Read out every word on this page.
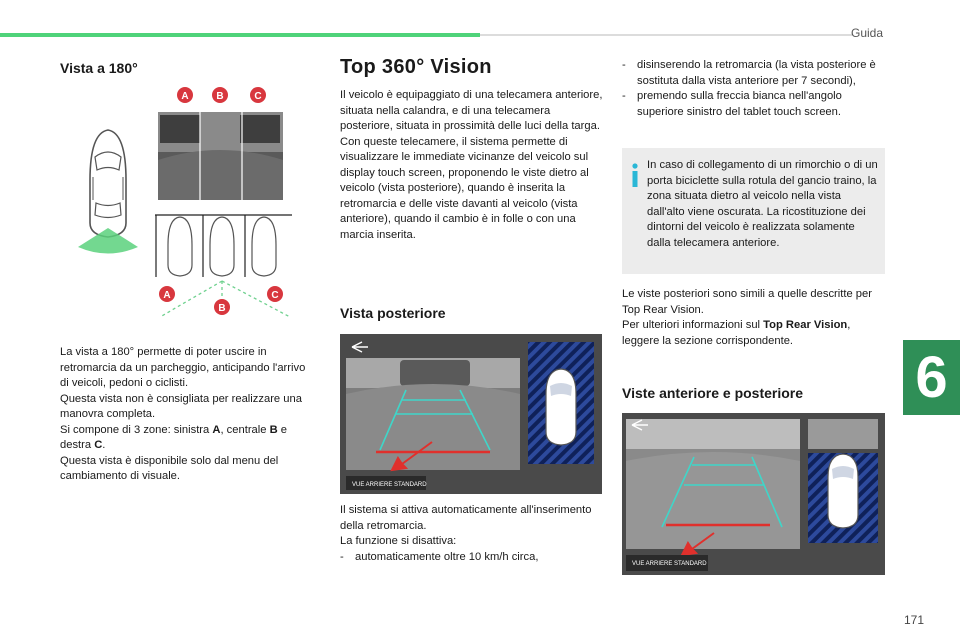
Guida
6
171
Vista a 180°
A	B	C
A
B
C

La vista a 180° permette di poter uscire in retromarcia da un parcheggio, anticipando l'arrivo di veicoli, pedoni o ciclisti.

Questa vista non è consigliata per realizzare una manovra completa.

Si compone di 3 zone: sinistra A, centrale B e destra C.

Questa vista è disponibile solo dal menu del cambiamento di visuale.

Top 360° Vision

Il veicolo è equipaggiato di una telecamera anteriore, situata nella calandra, e di una telecamera posteriore, situata in prossimità delle luci della targa.

Con queste telecamere, il sistema permette di visualizzare le immediate vicinanze del veicolo sul display touch screen, proponendo le viste dietro al veicolo (vista posteriore), quando è inserita la retromarcia e delle viste davanti al veicolo (vista anteriore), quando il cambio è in folle o con una marcia inserita.

Vista posteriore
VUE ARRIERE STANDARD

Il sistema si attiva automaticamente all'inserimento della retromarcia.

La funzione si disattiva:

-	automaticamente oltre 10 km/h circa,
-	disinserendo la retromarcia (la vista posteriore è sostituta dalla vista anteriore per 7 secondi),
-	premendo sulla freccia bianca nell'angolo superiore sinistro del tablet touch screen.
In caso di collegamento di un rimorchio o di un porta biciclette sulla rotula del gancio traino, la zona situata dietro al veicolo nella vista dall'alto viene oscurata. La ricostituzione dei dintorni del veicolo è realizzata solamente dalla telecamera anteriore.

Le viste posteriori sono simili a quelle descritte per Top Rear Vision.

Per ulteriori informazioni sul Top Rear Vision, leggere la sezione corrispondente.

Viste anteriore e posteriore
VUE ARRIERE STANDARD
